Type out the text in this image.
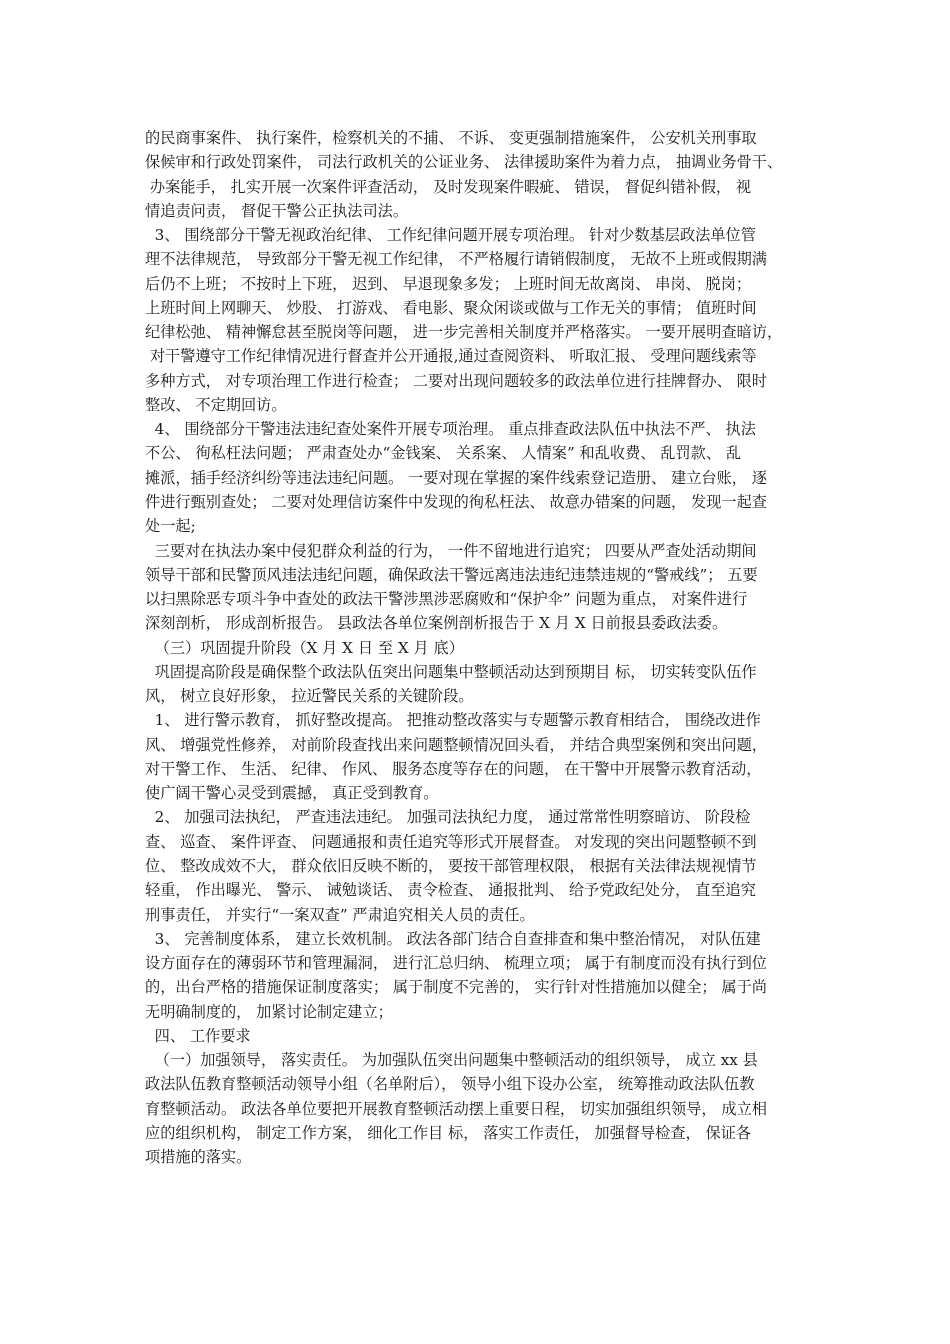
的民商事案件、 执行案件，检察机关的不捕、 不诉、 变更强制措施案件， 公安机关刑事取
保候审和行政处罚案件， 司法行政机关的公证业务、 法律援助案件为着力点， 抽调业务骨干、
办案能手， 扎实开展一次案件评查活动， 及时发现案件暇疵、 错误， 督促纠错补假， 视
情追责问责， 督促干警公正执法司法。
3、 围绕部分干警无视政治纪律、 工作纪律问题开展专项治理。 针对少数基层政法单位管
理不法律规范， 导致部分干警无视工作纪律， 不严格履行请销假制度， 无故不上班或假期满
后仍不上班； 不按时上下班， 迟到、 早退现象多发； 上班时间无故离岗、 串岗、 脱岗；
上班时间上网聊天、 炒股、 打游戏、 看电影、聚众闲谈或做与工作无关的事情； 值班时间
纪律松弛、 精神懈怠甚至脱岗等问题， 进一步完善相关制度并严格落实。 一要开展明查暗访，
对干警遵守工作纪律情况进行督查并公开通报,通过查阅资料、 听取汇报、 受理问题线索等
多种方式， 对专项治理工作进行检查； 二要对出现问题较多的政法单位进行挂牌督办、 限时
整改、 不定期回访。
4、 围绕部分干警违法违纪查处案件开展专项治理。 重点排查政法队伍中执法不严、 执法
不公、 徇私枉法问题； 严肃查处办“金钱案、 关系案、 人情案” 和乱收费、 乱罚款、 乱
摊派，插手经济纠纷等违法违纪问题。 一要对现在掌握的案件线索登记造册、 建立台账， 逐
件进行甄别查处； 二要对处理信访案件中发现的徇私枉法、 故意办错案的问题， 发现一起查
处一起;
三要对在执法办案中侵犯群众利益的行为， 一件不留地进行追究； 四要从严查处活动期间
领导干部和民警顶风违法违纪问题，确保政法干警远离违法违纪违禁违规的“警戒线”； 五要
以扫黑除恶专项斗争中查处的政法干警涉黑涉恶腐败和“保护伞” 问题为重点， 对案件进行
深刻剖析， 形成剖析报告。 县政法各单位案例剖析报告于 X 月 X 日前报县委政法委。
（三）巩固提升阶段（X 月 X 日 至 X 月 底）
巩固提高阶段是确保整个政法队伍突出问题集中整顿活动达到预期目 标， 切实转变队伍作
风， 树立良好形象， 拉近警民关系的关键阶段。
1、 进行警示教育， 抓好整改提高。 把推动整改落实与专题警示教育相结合， 围绕改进作
风、 增强党性修养， 对前阶段查找出来问题整顿情况回头看， 并结合典型案例和突出问题，
对干警工作、 生活、 纪律、 作风、 服务态度等存在的问题， 在干警中开展警示教育活动，
使广阔干警心灵受到震撼， 真正受到教育。
2、 加强司法执纪， 严查违法违纪。 加强司法执纪力度， 通过常常性明察暗访、 阶段检
查、 巡查、 案件评查、 问题通报和责任追究等形式开展督查。 对发现的突出问题整顿不到
位、 整改成效不大， 群众依旧反映不断的， 要按干部管理权限， 根据有关法律法规视情节
轻重， 作出曝光、 警示、 诫勉谈话、 责令检查、 通报批判、 给予党政纪处分， 直至追究
刑事责任， 并实行“一案双查” 严肃追究相关人员的责任。
3、 完善制度体系， 建立长效机制。 政法各部门结合自查排查和集中整治情况， 对队伍建
设方面存在的薄弱环节和管理漏洞， 进行汇总归纳、 梳理立项； 属于有制度而没有执行到位
的，出台严格的措施保证制度落实； 属于制度不完善的， 实行针对性措施加以健全； 属于尚
无明确制度的， 加紧讨论制定建立；
四、 工作要求
（一）加强领导， 落实责任。 为加强队伍突出问题集中整顿活动的组织领导， 成立 xx 县
政法队伍教育整顿活动领导小组（名单附后）， 领导小组下设办公室， 统筹推动政法队伍教
育整顿活动。 政法各单位要把开展教育整顿活动摆上重要日程， 切实加强组织领导， 成立相
应的组织机构， 制定工作方案， 细化工作目 标， 落实工作责任， 加强督导检查， 保证各
项措施的落实。
